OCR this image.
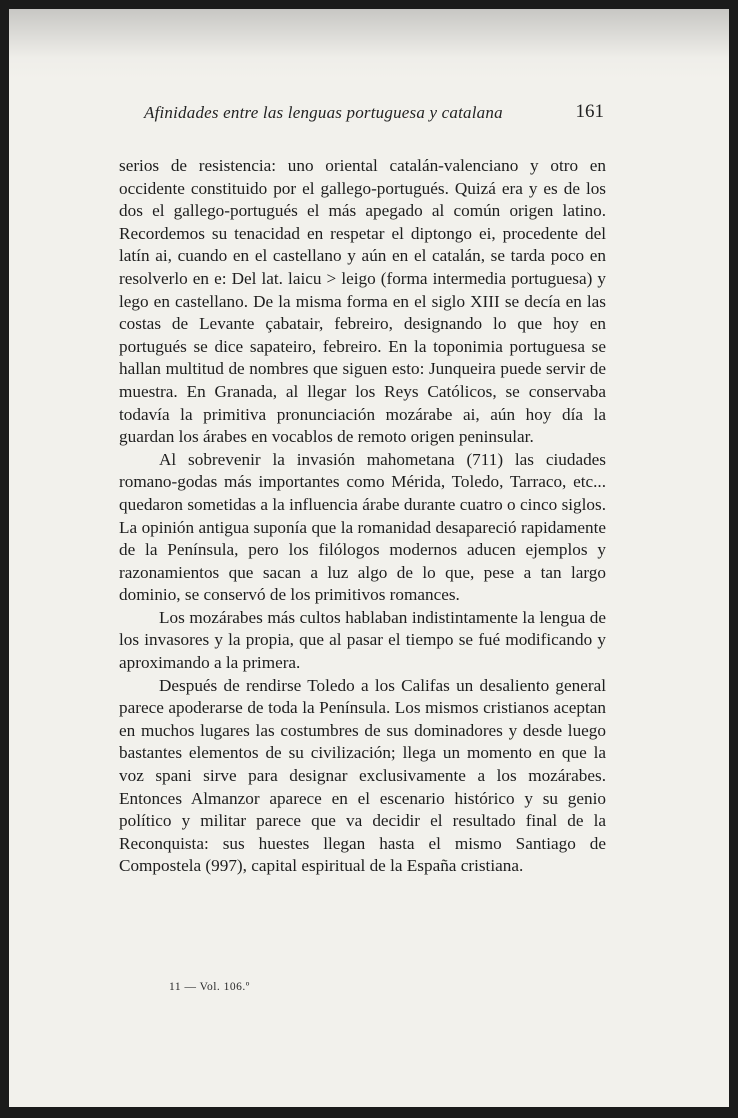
Afinidades entre las lenguas portuguesa y catalana	161

serios de resistencia: uno oriental catalán-valenciano y otro en occidente constituido por el gallego-portugués. Quizá era y es de los dos el gallego-portugués el más apegado al común origen latino. Recordemos su tenacidad en respetar el diptongo ei, procedente del latín ai, cuando en el castellano y aún en el catalán, se tarda poco en resolverlo en e: Del lat. laicu > leigo (forma intermedia portuguesa) y lego en castellano. De la misma forma en el siglo XIII se decía en las costas de Levante çabatair, febreiro, designando lo que hoy en portugués se dice sapateiro, febreiro. En la toponimia portuguesa se hallan multitud de nombres que siguen esto: Junqueira puede servir de muestra. En Granada, al llegar los Reys Católicos, se conservaba todavía la primitiva pronunciación mozárabe ai, aún hoy día la guardan los árabes en vocablos de remoto origen peninsular.

Al sobrevenir la invasión mahometana (711) las ciudades romano-godas más importantes como Mérida, Toledo, Tarraco, etc... quedaron sometidas a la influencia árabe durante cuatro o cinco siglos. La opinión antigua suponía que la romanidad desapareció rapidamente de la Península, pero los filólogos modernos aducen ejemplos y razonamientos que sacan a luz algo de lo que, pese a tan largo dominio, se conservó de los primitivos romances.

Los mozárabes más cultos hablaban indistintamente la lengua de los invasores y la propia, que al pasar el tiempo se fué modificando y aproximando a la primera.

Después de rendirse Toledo a los Califas un desaliento general parece apoderarse de toda la Península. Los mismos cristianos aceptan en muchos lugares las costumbres de sus dominadores y desde luego bastantes elementos de su civilización; llega un momento en que la voz spani sirve para designar exclusivamente a los mozárabes. Entonces Almanzor aparece en el escenario histórico y su genio político y militar parece que va decidir el resultado final de la Reconquista: sus huestes llegan hasta el mismo Santiago de Compostela (997), capital espiritual de la España cristiana.

11 — Vol. 106.º
